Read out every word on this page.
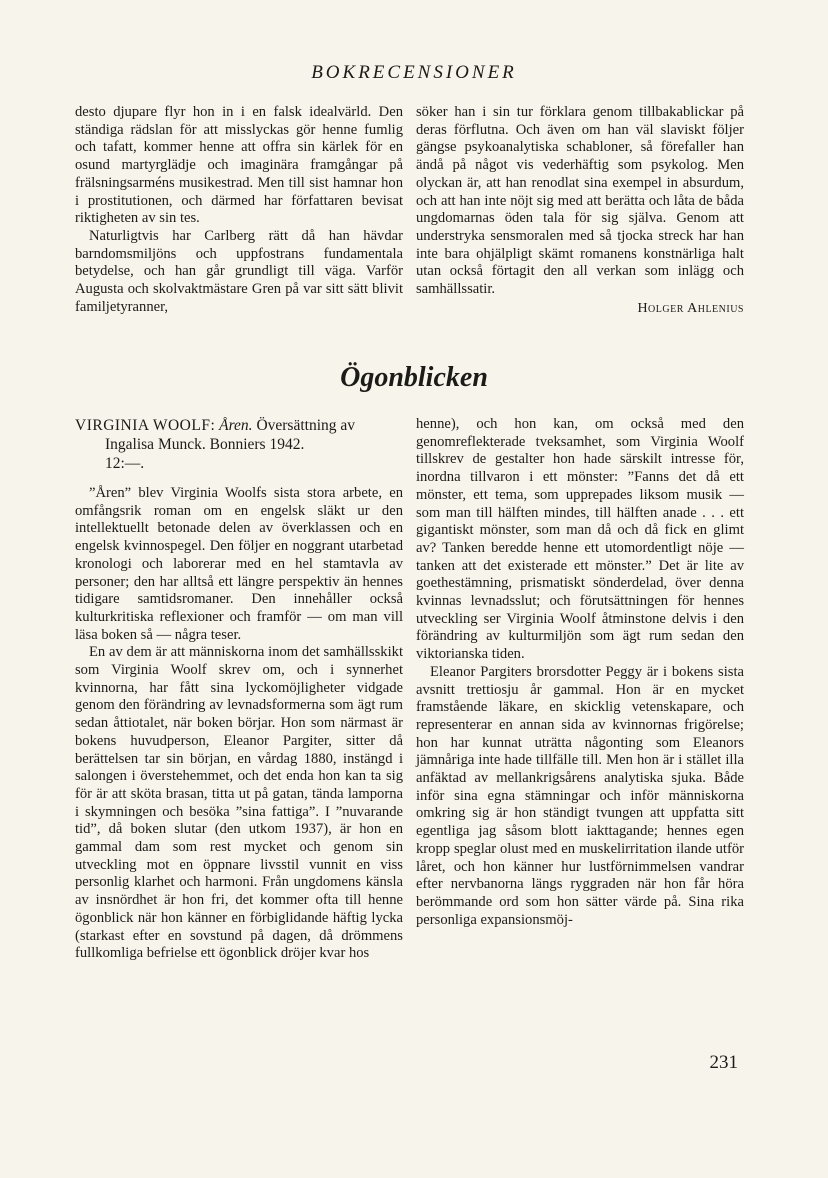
BOKRECENSIONER

desto djupare flyr hon in i en falsk idealvärld. Den ständiga rädslan för att misslyckas gör henne fumlig och tafatt, kommer henne att offra sin kärlek för en osund martyrglädje och imaginära framgångar på frälsningsarméns musikestrad. Men till sist hamnar hon i prostitutionen, och därmed har författaren bevisat riktigheten av sin tes.

Naturligtvis har Carlberg rätt då han hävdar barndomsmiljöns och uppfostrans fundamentala betydelse, och han går grundligt till väga. Varför Augusta och skolvaktmästare Gren på var sitt sätt blivit familjetyranner,

söker han i sin tur förklara genom tillbakablickar på deras förflutna. Och även om han väl slaviskt följer gängse psykoanalytiska schabloner, så förefaller han ändå på något vis vederhäftig som psykolog. Men olyckan är, att han renodlat sina exempel in absurdum, och att han inte nöjt sig med att berätta och låta de båda ungdomarnas öden tala för sig själva. Genom att understryka sensmoralen med så tjocka streck har han inte bara ohjälpligt skämt romanens konstnärliga halt utan också förtagit den all verkan som inlägg och samhällssatir.

Holger Ahlenius
Ögonblicken
VIRGINIA WOOLF: Åren. Översättning av
Ingalisa Munck. Bonniers 1942.
12:—.

”Åren” blev Virginia Woolfs sista stora arbete, en omfångsrik roman om en engelsk släkt ur den intellektuellt betonade delen av överklassen och en engelsk kvinnospegel. Den följer en noggrant utarbetad kronologi och laborerar med en hel stamtavla av personer; den har alltså ett längre perspektiv än hennes tidigare samtidsromaner. Den innehåller också kulturkritiska reflexioner och framför — om man vill läsa boken så — några teser.

En av dem är att människorna inom det samhällsskikt som Virginia Woolf skrev om, och i synnerhet kvinnorna, har fått sina lyckomöjligheter vidgade genom den förändring av levnadsformerna som ägt rum sedan åttiotalet, när boken börjar. Hon som närmast är bokens huvudperson, Eleanor Pargiter, sitter då berättelsen tar sin början, en vårdag 1880, instängd i salongen i överstehemmet, och det enda hon kan ta sig för är att sköta brasan, titta ut på gatan, tända lamporna i skymningen och besöka ”sina fattiga”. I ”nuvarande tid”, då boken slutar (den utkom 1937), är hon en gammal dam som rest mycket och genom sin utveckling mot en öppnare livsstil vunnit en viss personlig klarhet och harmoni. Från ungdomens känsla av insnördhet är hon fri, det kommer ofta till henne ögonblick när hon känner en förbiglidande häftig lycka (starkast efter en sovstund på dagen, då drömmens fullkomliga befrielse ett ögonblick dröjer kvar hos

henne), och hon kan, om också med den genomreflekterade tveksamhet, som Virginia Woolf tillskrev de gestalter hon hade särskilt intresse för, inordna tillvaron i ett mönster: ”Fanns det då ett mönster, ett tema, som upprepades liksom musik — som man till hälften mindes, till hälften anade . . . ett gigantiskt mönster, som man då och då fick en glimt av? Tanken beredde henne ett utomordentligt nöje — tanken att det existerade ett mönster.” Det är lite av goethestämning, prismatiskt sönderdelad, över denna kvinnas levnadsslut; och förutsättningen för hennes utveckling ser Virginia Woolf åtminstone delvis i den förändring av kulturmiljön som ägt rum sedan den viktorianska tiden.

Eleanor Pargiters brorsdotter Peggy är i bokens sista avsnitt trettiosju år gammal. Hon är en mycket framstående läkare, en skicklig vetenskapare, och representerar en annan sida av kvinnornas frigörelse; hon har kunnat uträtta någonting som Eleanors jämnåriga inte hade tillfälle till. Men hon är i stället illa anfäktad av mellankrigsårens analytiska sjuka. Både inför sina egna stämningar och inför människorna omkring sig är hon ständigt tvungen att uppfatta sitt egentliga jag såsom blott iakttagande; hennes egen kropp speglar olust med en muskelirritation ilande utför låret, och hon känner hur lustförnimmelsen vandrar efter nervbanorna längs ryggraden när hon får höra berömmande ord som hon sätter värde på. Sina rika personliga expansionsmöj-

231
